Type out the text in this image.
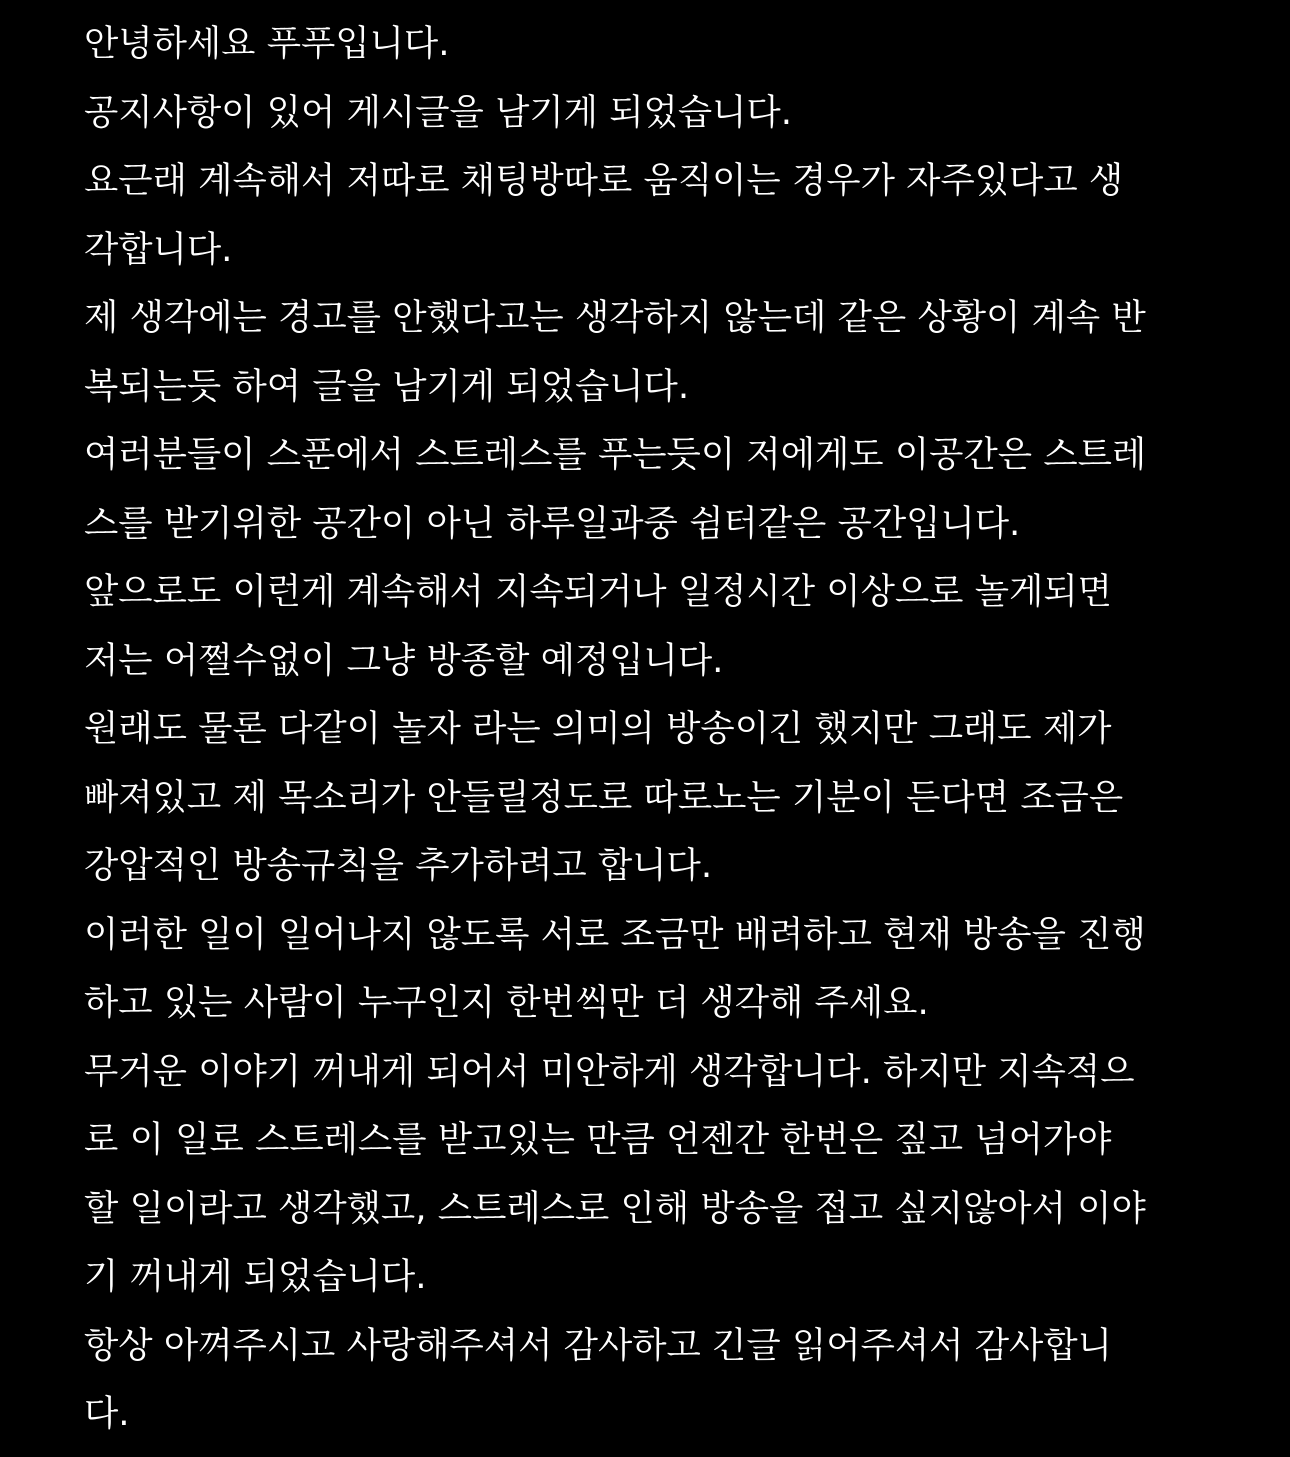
안녕하세요 푸푸입니다.
공지사항이 있어 게시글을 남기게 되었습니다.
요근래 계속해서 저따로 채팅방따로 움직이는 경우가 자주있다고 생
각합니다.
제 생각에는 경고를 안했다고는 생각하지 않는데 같은 상황이 계속 반
복되는듯 하여 글을 남기게 되었습니다.
여러분들이 스푼에서 스트레스를 푸는듯이 저에게도 이공간은 스트레
스를 받기위한 공간이 아닌 하루일과중 쉼터같은 공간입니다.
앞으로도 이런게 계속해서 지속되거나 일정시간 이상으로 놀게되면
저는 어쩔수없이 그냥 방종할 예정입니다.
원래도 물론 다같이 놀자 라는 의미의 방송이긴 했지만 그래도 제가
빠져있고 제 목소리가 안들릴정도로 따로노는 기분이 든다면 조금은
강압적인 방송규칙을 추가하려고 합니다.
이러한 일이 일어나지 않도록 서로 조금만 배려하고 현재 방송을 진행
하고 있는 사람이 누구인지 한번씩만 더 생각해 주세요.
무거운 이야기 꺼내게 되어서 미안하게 생각합니다. 하지만 지속적으
로 이 일로 스트레스를 받고있는 만큼 언젠간 한번은 짚고 넘어가야
할 일이라고 생각했고, 스트레스로 인해 방송을 접고 싶지않아서 이야
기 꺼내게 되었습니다.
항상 아껴주시고 사랑해주셔서 감사하고 긴글 읽어주셔서 감사합니
다.
